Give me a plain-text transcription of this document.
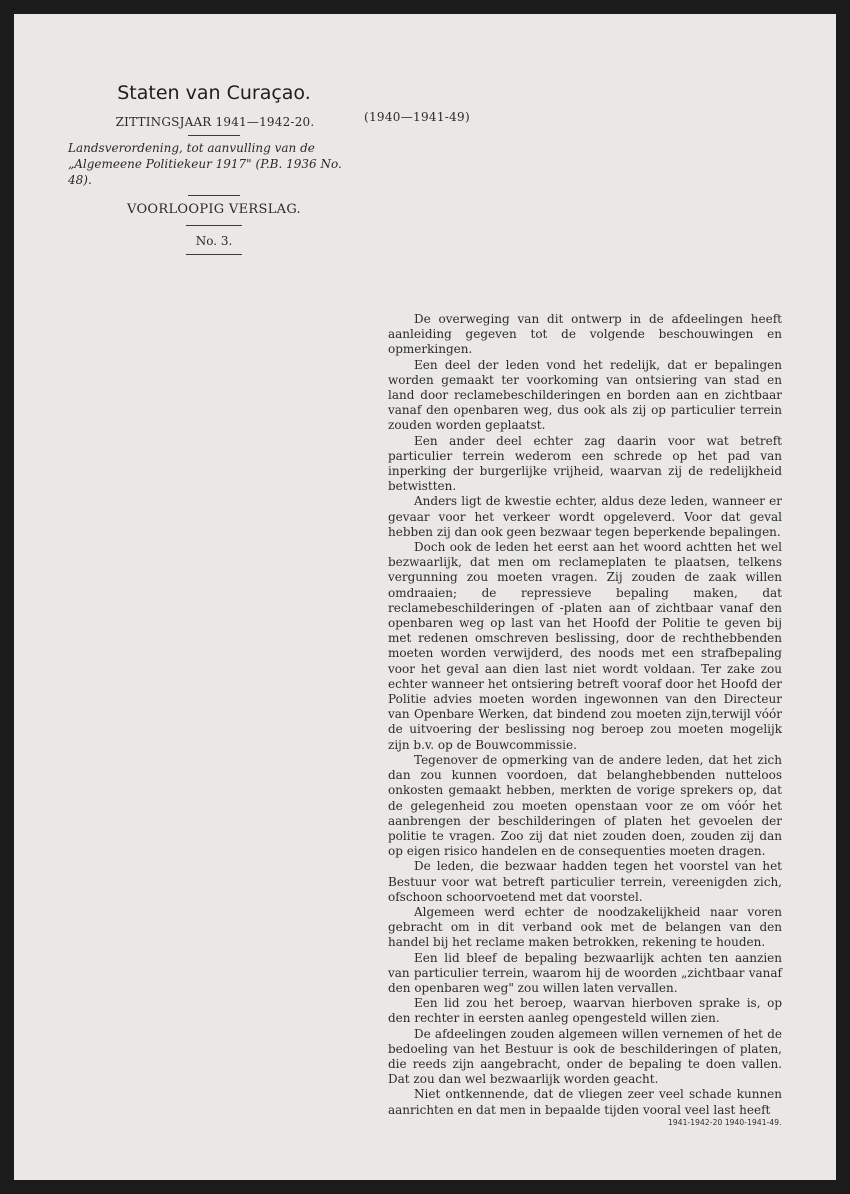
Staten van Curaçao.
ZITTINGSJAAR 1941—1942-20.	(1940—1941-49)
Landsverordening, tot aanvulling van de „Algemeene Politiekeur 1917" (P.B. 1936 No. 48).
VOORLOOPIG VERSLAG.
No. 3.

De overweging van dit ontwerp in de afdeelingen heeft aanleiding gegeven tot de volgende beschouwingen en opmerkingen.

Een deel der leden vond het redelijk, dat er bepalingen worden gemaakt ter voorkoming van ontsiering van stad en land door reclamebeschilderingen en borden aan en zichtbaar vanaf den openbaren weg, dus ook als zij op particulier terrein zouden worden geplaatst.

Een ander deel echter zag daarin voor wat betreft particulier terrein wederom een schrede op het pad van inperking der burgerlijke vrijheid, waarvan zij de redelijkheid betwistten.

Anders ligt de kwestie echter, aldus deze leden, wanneer er gevaar voor het verkeer wordt opgeleverd. Voor dat geval hebben zij dan ook geen bezwaar tegen beperkende bepalingen.

Doch ook de leden het eerst aan het woord achtten het wel bezwaarlijk, dat men om reclameplaten te plaatsen, telkens vergunning zou moeten vragen. Zij zouden de zaak willen omdraaien; de repressieve bepaling maken, dat reclamebeschilderingen of -platen aan of zichtbaar vanaf den openbaren weg op last van het Hoofd der Politie te geven bij met redenen omschreven beslissing, door de rechthebbenden moeten worden verwijderd, des noods met een strafbepaling voor het geval aan dien last niet wordt voldaan. Ter zake zou echter wanneer het ontsiering betreft vooraf door het Hoofd der Politie advies moeten worden ingewonnen van den Directeur van Openbare Werken, dat bindend zou moeten zijn,terwijl vóór de uitvoering der beslissing nog beroep zou moeten mogelijk zijn b.v. op de Bouwcommissie.

Tegenover de opmerking van de andere leden, dat het zich dan zou kunnen voordoen, dat belanghebbenden nutteloos onkosten gemaakt hebben, merkten de vorige sprekers op, dat de gelegenheid zou moeten openstaan voor ze om vóór het aanbrengen der beschilderingen of platen het gevoelen der politie te vragen. Zoo zij dat niet zouden doen, zouden zij dan op eigen risico handelen en de consequenties moeten dragen.

De leden, die bezwaar hadden tegen het voorstel van het Bestuur voor wat betreft particulier terrein, vereenigden zich, ofschoon schoorvoetend met dat voorstel.

Algemeen werd echter de noodzakelijkheid naar voren gebracht om in dit verband ook met de belangen van den handel bij het reclame maken betrokken, rekening te houden.

Een lid bleef de bepaling bezwaarlijk achten ten aanzien van particulier terrein, waarom hij de woorden „zichtbaar vanaf den openbaren weg" zou willen laten vervallen.

Een lid zou het beroep, waarvan hierboven sprake is, op den rechter in eersten aanleg opengesteld willen zien.

De afdeelingen zouden algemeen willen vernemen of het de bedoeling van het Bestuur is ook de beschilderingen of platen, die reeds zijn aangebracht, onder de bepaling te doen vallen. Dat zou dan wel bezwaarlijk worden geacht.

Niet ontkennende, dat de vliegen zeer veel schade kunnen aanrichten en dat men in bepaalde tijden vooral veel last heeft

1941-1942-20 1940-1941-49.
